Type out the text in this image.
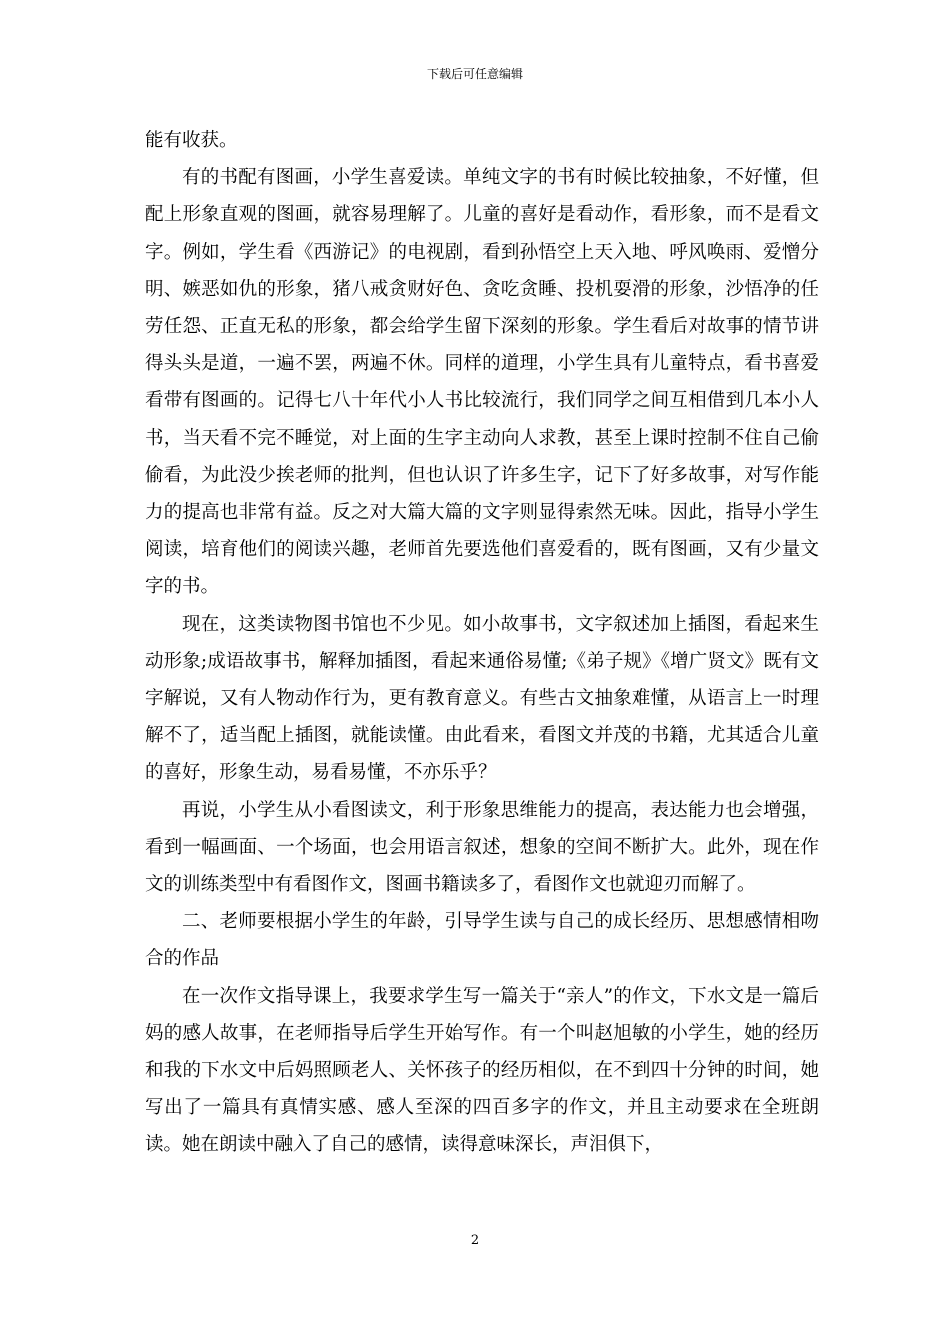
下载后可任意编辑

能有收获。

有的书配有图画，小学生喜爱读。单纯文字的书有时候比较抽象，不好懂，但配上形象直观的图画，就容易理解了。儿童的喜好是看动作，看形象，而不是看文字。例如，学生看《西游记》的电视剧，看到孙悟空上天入地、呼风唤雨、爱憎分明、嫉恶如仇的形象，猪八戒贪财好色、贪吃贪睡、投机耍滑的形象，沙悟净的任劳任怨、正直无私的形象，都会给学生留下深刻的形象。学生看后对故事的情节讲得头头是道，一遍不罢，两遍不休。同样的道理，小学生具有儿童特点，看书喜爱看带有图画的。记得七八十年代小人书比较流行，我们同学之间互相借到几本小人书，当天看不完不睡觉，对上面的生字主动向人求教，甚至上课时控制不住自己偷偷看，为此没少挨老师的批判，但也认识了许多生字，记下了好多故事，对写作能力的提高也非常有益。反之对大篇大篇的文字则显得索然无味。因此，指导小学生阅读，培育他们的阅读兴趣，老师首先要选他们喜爱看的，既有图画，又有少量文字的书。

现在，这类读物图书馆也不少见。如小故事书，文字叙述加上插图，看起来生动形象;成语故事书，解释加插图，看起来通俗易懂;《弟子规》《增广贤文》既有文字解说，又有人物动作行为，更有教育意义。有些古文抽象难懂，从语言上一时理解不了，适当配上插图，就能读懂。由此看来，看图文并茂的书籍，尤其适合儿童的喜好，形象生动，易看易懂，不亦乐乎？

再说，小学生从小看图读文，利于形象思维能力的提高，表达能力也会增强，看到一幅画面、一个场面，也会用语言叙述，想象的空间不断扩大。此外，现在作文的训练类型中有看图作文，图画书籍读多了，看图作文也就迎刃而解了。

二、老师要根据小学生的年龄，引导学生读与自己的成长经历、思想感情相吻合的作品

在一次作文指导课上，我要求学生写一篇关于“亲人”的作文，下水文是一篇后妈的感人故事，在老师指导后学生开始写作。有一个叫赵旭敏的小学生，她的经历和我的下水文中后妈照顾老人、关怀孩子的经历相似，在不到四十分钟的时间，她写出了一篇具有真情实感、感人至深的四百多字的作文，并且主动要求在全班朗读。她在朗读中融入了自己的感情，读得意味深长，声泪俱下，

2
